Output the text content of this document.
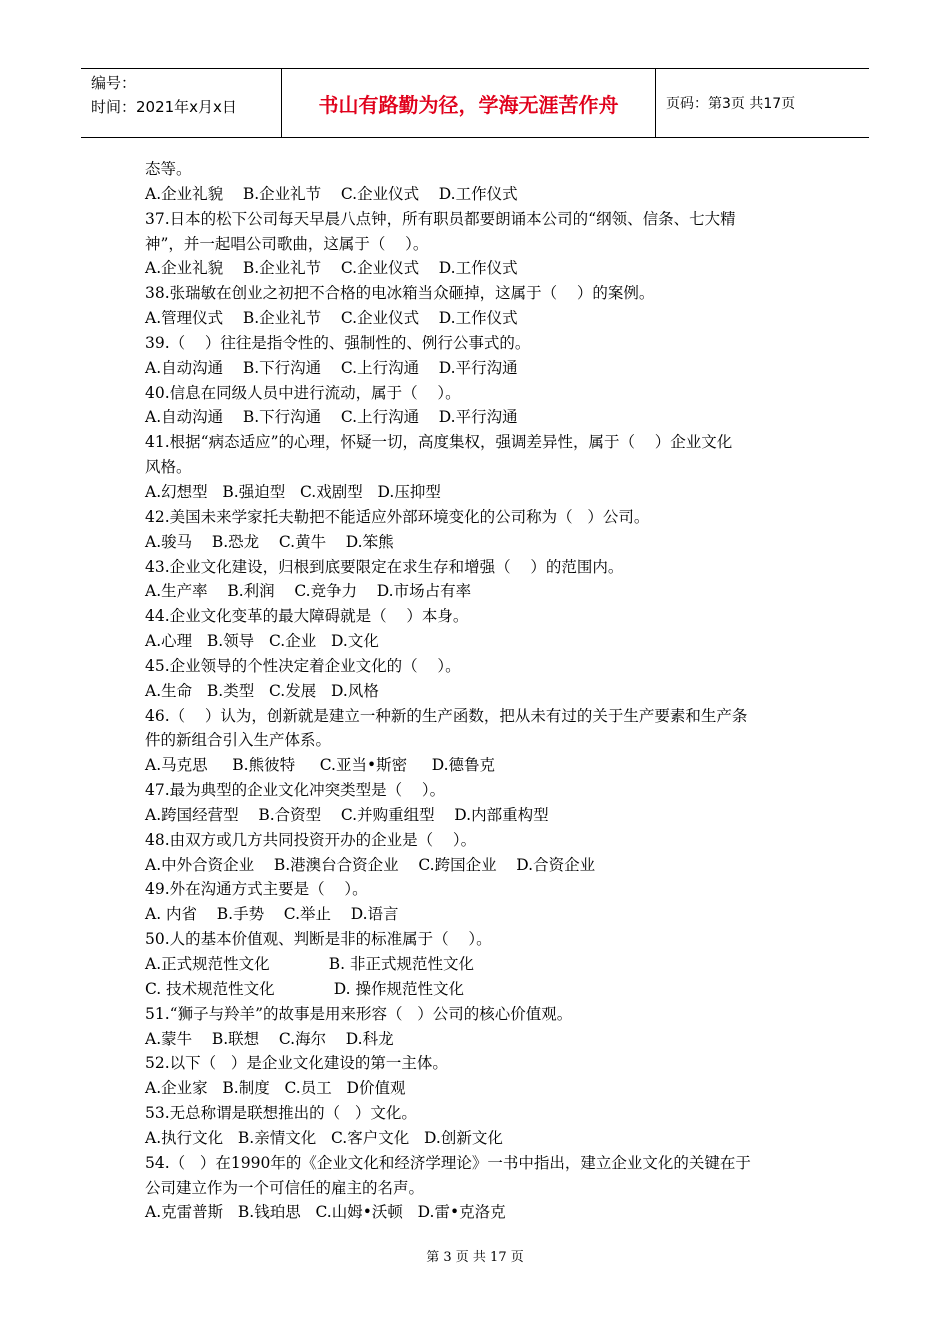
编号：
时间：2021年x月x日	书山有路勤为径，学海无涯苦作舟	页码：第3页 共17页
态等。
A.企业礼貌    B.企业礼节    C.企业仪式    D.工作仪式
37.日本的松下公司每天早晨八点钟，所有职员都要朗诵本公司的“纲领、信条、七大精
神”，并一起唱公司歌曲，这属于（    ）。
A.企业礼貌    B.企业礼节    C.企业仪式    D.工作仪式
38.张瑞敏在创业之初把不合格的电冰箱当众砸掉，这属于（    ）的案例。
A.管理仪式    B.企业礼节    C.企业仪式    D.工作仪式
39.（    ）往往是指令性的、强制性的、例行公事式的。
A.自动沟通    B.下行沟通    C.上行沟通    D.平行沟通
40.信息在同级人员中进行流动，属于（    ）。
A.自动沟通    B.下行沟通    C.上行沟通    D.平行沟通
41.根据“病态适应”的心理，怀疑一切，高度集权，强调差异性，属于（    ）企业文化
风格。
A.幻想型   B.强迫型   C.戏剧型   D.压抑型
42.美国未来学家托夫勒把不能适应外部环境变化的公司称为（   ）公司。
A.骏马    B.恐龙    C.黄牛    D.笨熊
43.企业文化建设，归根到底要限定在求生存和增强（    ）的范围内。
A.生产率    B.利润    C.竞争力    D.市场占有率
44.企业文化变革的最大障碍就是（    ）本身。
A.心理   B.领导   C.企业   D.文化
45.企业领导的个性决定着企业文化的（    ）。
A.生命   B.类型   C.发展   D.风格
46.（    ）认为，创新就是建立一种新的生产函数，把从未有过的关于生产要素和生产条
件的新组合引入生产体系。
A.马克思     B.熊彼特     C.亚当•斯密     D.德鲁克
47.最为典型的企业文化冲突类型是（    ）。
A.跨国经营型    B.合资型    C.并购重组型    D.内部重构型
48.由双方或几方共同投资开办的企业是（    ）。
A.中外合资企业    B.港澳台合资企业    C.跨国企业    D.合资企业
49.外在沟通方式主要是（    ）。
A. 内省    B.手势    C.举止    D.语言
50.人的基本价值观、判断是非的标准属于（    ）。
A.正式规范性文化            B. 非正式规范性文化
C. 技术规范性文化            D. 操作规范性文化
51.“狮子与羚羊”的故事是用来形容（   ）公司的核心价值观。
A.蒙牛    B.联想    C.海尔    D.科龙
52.以下（   ）是企业文化建设的第一主体。
A.企业家   B.制度   C.员工   D价值观
53.无总称谓是联想推出的（   ）文化。
A.执行文化   B.亲情文化   C.客户文化   D.创新文化
54.（   ）在1990年的《企业文化和经济学理论》一书中指出，建立企业文化的关键在于
公司建立作为一个可信任的雇主的名声。
A.克雷普斯   B.钱珀思   C.山姆•沃顿   D.雷•克洛克
第 3 页 共 17 页
